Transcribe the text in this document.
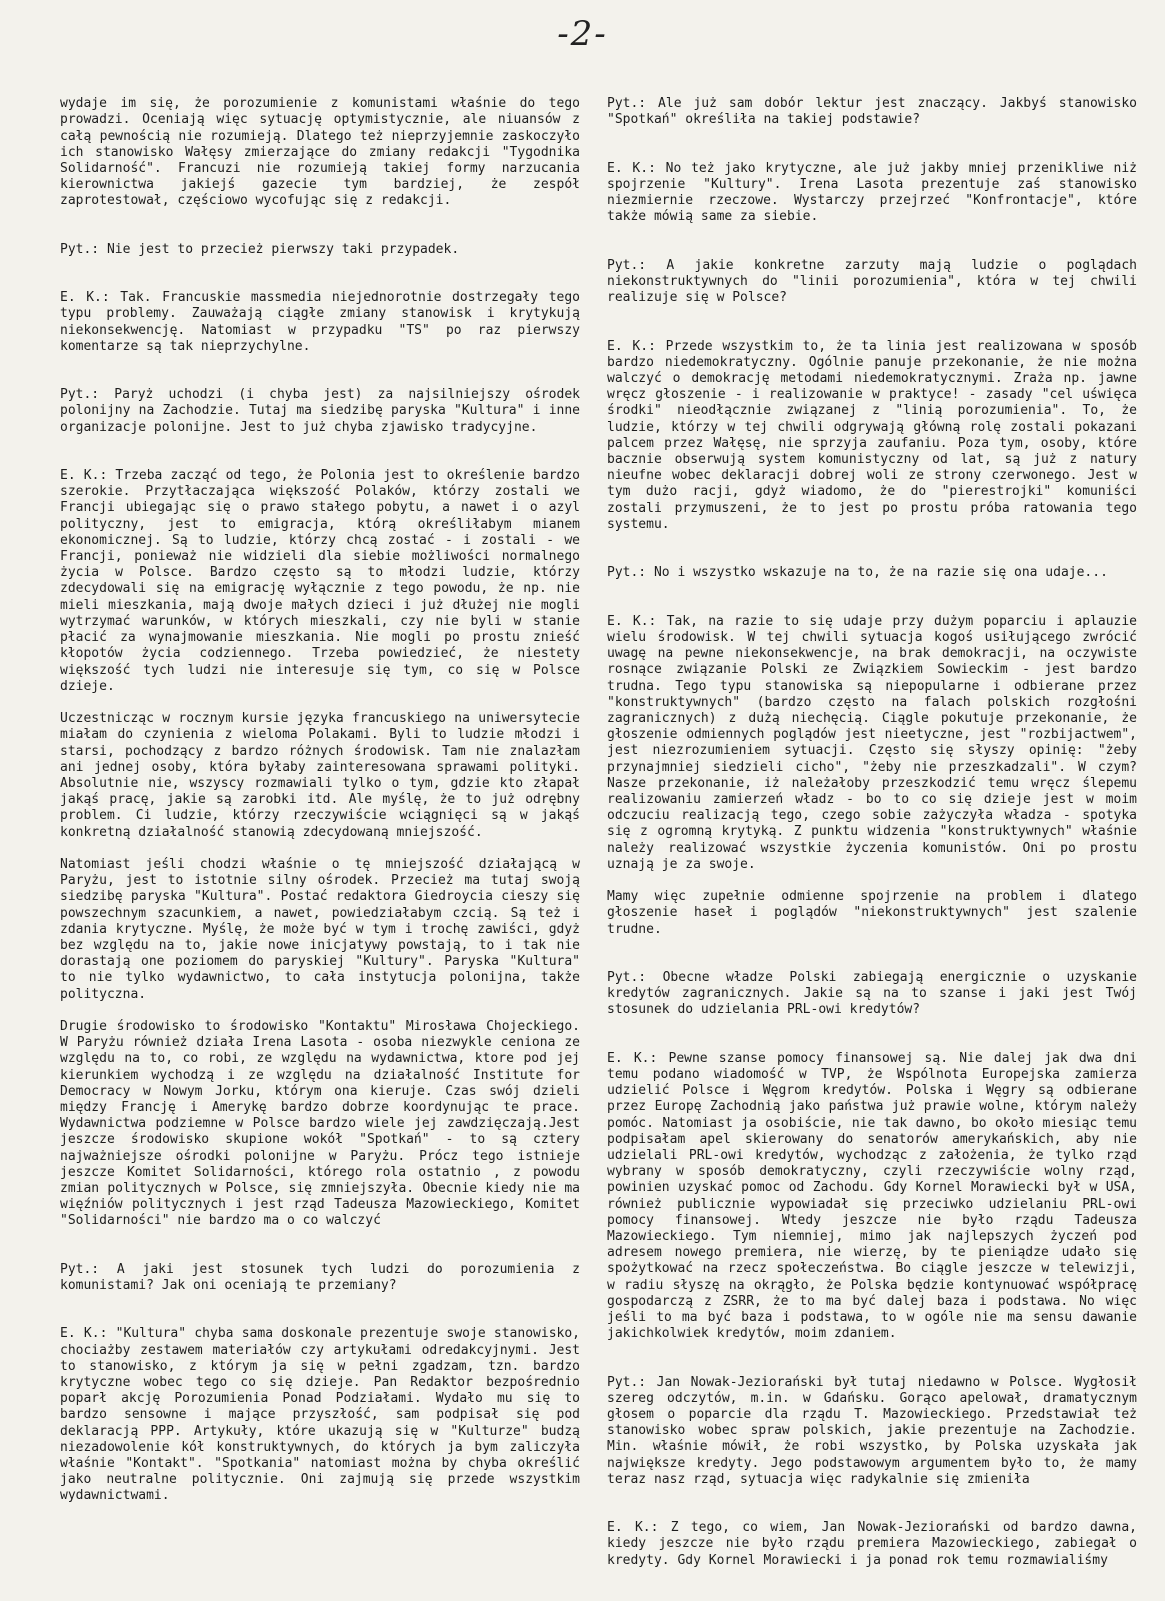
-2-

wydaje im się, że porozumienie z komunistami właśnie do tego prowadzi. Oceniają więc sytuację optymistycznie, ale niuansów z całą pewnością nie rozumieją. Dlatego też nieprzyjemnie zaskoczyło ich stanowisko Wałęsy zmierzające do zmiany redakcji "Tygodnika Solidarność". Francuzi nie rozumieją takiej formy narzucania kierownictwa jakiejś gazecie tym bardziej, że zespół zaprotestował, częściowo wycofując się z redakcji.

Pyt.: Nie jest to przecież pierwszy taki przypadek.

E. K.: Tak. Francuskie massmedia niejednorotnie dostrzegały tego typu problemy. Zauważają ciągłe zmiany stanowisk i krytykują niekonsekwencję. Natomiast w przypadku "TS" po raz pierwszy komentarze są tak nieprzychylne.

Pyt.: Paryż uchodzi (i chyba jest) za najsilniejszy ośrodek polonijny na Zachodzie. Tutaj ma siedzibę paryska "Kultura" i inne organizacje polonijne. Jest to już chyba zjawisko tradycyjne.

E. K.: Trzeba zacząć od tego, że Polonia jest to określenie bardzo szerokie. Przytłaczająca większość Polaków, którzy zostali we Francji ubiegając się o prawo stałego pobytu, a nawet i o azyl polityczny, jest to emigracja, którą określiłabym mianem ekonomicznej. Są to ludzie, którzy chcą zostać - i zostali - we Francji, ponieważ nie widzieli dla siebie możliwości normalnego życia w Polsce. Bardzo często są to młodzi ludzie, którzy zdecydowali się na emigrację wyłącznie z tego powodu, że np. nie mieli mieszkania, mają dwoje małych dzieci i już dłużej nie mogli wytrzymać warunków, w których mieszkali, czy nie byli w stanie płacić za wynajmowanie mieszkania. Nie mogli po prostu znieść kłopotów życia codziennego. Trzeba powiedzieć, że niestety większość tych ludzi nie interesuje się tym, co się w Polsce dzieje.

Uczestnicząc w rocznym kursie języka francuskiego na uniwersytecie miałam do czynienia z wieloma Polakami. Byli to ludzie młodzi i starsi, pochodzący z bardzo różnych środowisk. Tam nie znalazłam ani jednej osoby, która byłaby zainteresowana sprawami polityki. Absolutnie nie, wszyscy rozmawiali tylko o tym, gdzie kto złapał jakąś pracę, jakie są zarobki itd. Ale myślę, że to już odrębny problem. Ci ludzie, którzy rzeczywiście wciągnięci są w jakąś konkretną działalność stanowią zdecydowaną mniejszość.

Natomiast jeśli chodzi właśnie o tę mniejszość działającą w Paryżu, jest to istotnie silny ośrodek. Przecież ma tutaj swoją siedzibę paryska "Kultura". Postać redaktora Giedroycia cieszy się powszechnym szacunkiem, a nawet, powiedziałabym czcią. Są też i zdania krytyczne. Myślę, że może być w tym i trochę zawiści, gdyż bez względu na to, jakie nowe inicjatywy powstają, to i tak nie dorastają one poziomem do paryskiej "Kultury". Paryska "Kultura" to nie tylko wydawnictwo, to cała instytucja polonijna, także polityczna.

Drugie środowisko to środowisko "Kontaktu" Mirosława Chojeckiego. W Paryżu również działa Irena Lasota - osoba niezwykle ceniona ze względu na to, co robi, ze względu na wydawnictwa, ktore pod jej kierunkiem wychodzą i ze względu na działalność Institute for Democracy w Nowym Jorku, którym ona kieruje. Czas swój dzieli między Francję i Amerykę bardzo dobrze koordynując te prace. Wydawnictwa podziemne w Polsce bardzo wiele jej zawdzięczają.Jest jeszcze środowisko skupione wokół "Spotkań" - to są cztery najważniejsze ośrodki polonijne w Paryżu. Prócz tego istnieje jeszcze Komitet Solidarności, którego rola ostatnio , z powodu zmian politycznych w Polsce, się zmniejszyła. Obecnie kiedy nie ma więźniów politycznych i jest rząd Tadeusza Mazowieckiego, Komitet "Solidarności" nie bardzo ma o co walczyć

Pyt.: A jaki jest stosunek tych ludzi do porozumienia z komunistami? Jak oni oceniają te przemiany?

E. K.: "Kultura" chyba sama doskonale prezentuje swoje stanowisko, chociażby zestawem materiałów czy artykułami odredakcyjnymi. Jest to stanowisko, z którym ja się w pełni zgadzam, tzn. bardzo krytyczne wobec tego co się dzieje. Pan Redaktor bezpośrednio poparł akcję Porozumienia Ponad Podziałami. Wydało mu się to bardzo sensowne i mające przyszłość, sam podpisał się pod deklaracją PPP. Artykuły, które ukazują się w "Kulturze" budzą niezadowolenie kół konstruktywnych, do których ja bym zaliczyła właśnie "Kontakt". "Spotkania" natomiast można by chyba określić jako neutralne politycznie. Oni zajmują się przede wszystkim wydawnictwami.

Pyt.: Ale już sam dobór lektur jest znaczący. Jakbyś stanowisko "Spotkań" określiła na takiej podstawie?

E. K.: No też jako krytyczne, ale już jakby mniej przenikliwe niż spojrzenie "Kultury". Irena Lasota prezentuje zaś stanowisko niezmiernie rzeczowe. Wystarczy przejrzeć "Konfrontacje", które także mówią same za siebie.

Pyt.: A jakie konkretne zarzuty mają ludzie o poglądach niekonstruktywnych do "linii porozumienia", która w tej chwili realizuje się w Polsce?

E. K.: Przede wszystkim to, że ta linia jest realizowana w sposób bardzo niedemokratyczny. Ogólnie panuje przekonanie, że nie można walczyć o demokrację metodami niedemokratycznymi. Zraża np. jawne wręcz głoszenie - i realizowanie w praktyce! - zasady "cel uświęca środki" nieodłącznie związanej z "linią porozumienia". To, że ludzie, którzy w tej chwili odgrywają główną rolę zostali pokazani palcem przez Wałęsę, nie sprzyja zaufaniu. Poza tym, osoby, które bacznie obserwują system komunistyczny od lat, są już z natury nieufne wobec deklaracji dobrej woli ze strony czerwonego. Jest w tym dużo racji, gdyż wiadomo, że do "pierestrojki" komuniści zostali przymuszeni, że to jest po prostu próba ratowania tego systemu.

Pyt.: No i wszystko wskazuje na to, że na razie się ona udaje...

E. K.: Tak, na razie to się udaje przy dużym poparciu i aplauzie wielu środowisk. W tej chwili sytuacja kogoś usiłującego zwrócić uwagę na pewne niekonsekwencje, na brak demokracji, na oczywiste rosnące związanie Polski ze Związkiem Sowieckim - jest bardzo trudna. Tego typu stanowiska są niepopularne i odbierane przez "konstruktywnych" (bardzo często na falach polskich rozgłośni zagranicznych) z dużą niechęcią. Ciągle pokutuje przekonanie, że głoszenie odmiennych poglądów jest nieetyczne, jest "rozbijactwem", jest niezrozumieniem sytuacji. Często się słyszy opinię: "żeby przynajmniej siedzieli cicho", "żeby nie przeszkadzali". W czym? Nasze przekonanie, iż należałoby przeszkodzić temu wręcz ślepemu realizowaniu zamierzeń władz - bo to co się dzieje jest w moim odczuciu realizacją tego, czego sobie zażyczyła władza - spotyka się z ogromną krytyką. Z punktu widzenia "konstruktywnych" właśnie należy realizować wszystkie życzenia komunistów. Oni po prostu uznają je za swoje.

Mamy więc zupełnie odmienne spojrzenie na problem i dlatego głoszenie haseł i poglądów "niekonstruktywnych" jest szalenie trudne.

Pyt.: Obecne władze Polski zabiegają energicznie o uzyskanie kredytów zagranicznych. Jakie są na to szanse i jaki jest Twój stosunek do udzielania PRL-owi kredytów?

E. K.: Pewne szanse pomocy finansowej są. Nie dalej jak dwa dni temu podano wiadomość w TVP, że Wspólnota Europejska zamierza udzielić Polsce i Węgrom kredytów. Polska i Węgry są odbierane przez Europę Zachodnią jako państwa już prawie wolne, którym należy pomóc. Natomiast ja osobiście, nie tak dawno, bo około miesiąc temu podpisałam apel skierowany do senatorów amerykańskich, aby nie udzielali PRL-owi kredytów, wychodząc z założenia, że tylko rząd wybrany w sposób demokratyczny, czyli rzeczywiście wolny rząd, powinien uzyskać pomoc od Zachodu. Gdy Kornel Morawiecki był w USA, również publicznie wypowiadał się przeciwko udzielaniu PRL-owi pomocy finansowej. Wtedy jeszcze nie było rządu Tadeusza Mazowieckiego. Tym niemniej, mimo jak najlepszych życzeń pod adresem nowego premiera, nie wierzę, by te pieniądze udało się spożytkować na rzecz społeczeństwa. Bo ciągle jeszcze w telewizji, w radiu słyszę na okrągło, że Polska będzie kontynuować współpracę gospodarczą z ZSRR, że to ma być dalej baza i podstawa. No więc jeśli to ma być baza i podstawa, to w ogóle nie ma sensu dawanie jakichkolwiek kredytów, moim zdaniem.

Pyt.: Jan Nowak-Jeziorański był tutaj niedawno w Polsce. Wygłosił szereg odczytów, m.in. w Gdańsku. Gorąco apelował, dramatycznym głosem o poparcie dla rządu T. Mazowieckiego. Przedstawiał też stanowisko wobec spraw polskich, jakie prezentuje na Zachodzie. Min. właśnie mówił, że robi wszystko, by Polska uzyskała jak największe kredyty. Jego podstawowym argumentem było to, że mamy teraz nasz rząd, sytuacja więc radykalnie się zmieniła

E. K.: Z tego, co wiem, Jan Nowak-Jeziorański od bardzo dawna, kiedy jeszcze nie było rządu premiera Mazowieckiego, zabiegał o kredyty. Gdy Kornel Morawiecki i ja ponad rok temu rozmawialiśmy
